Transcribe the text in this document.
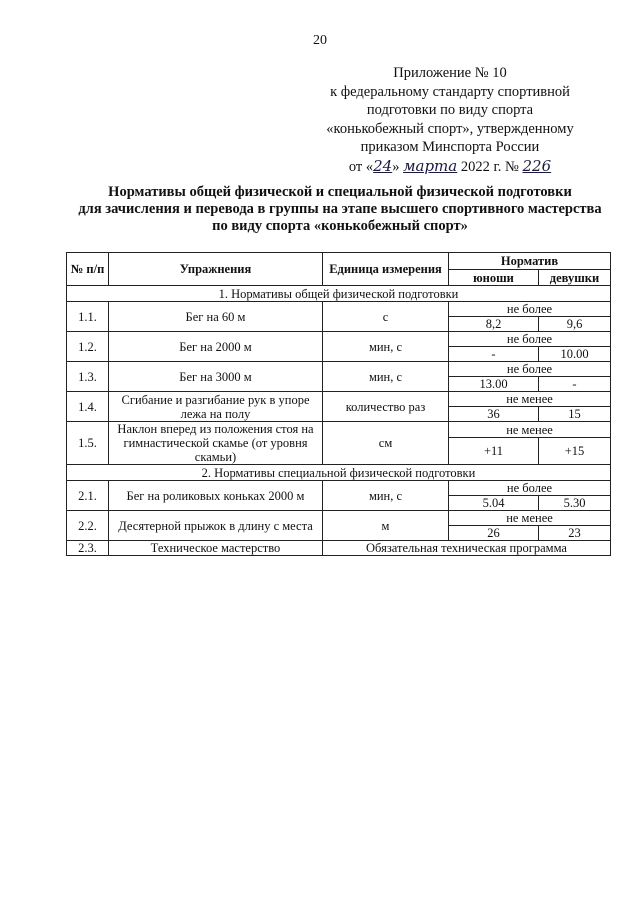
20
Приложение № 10
к федеральному стандарту спортивной
подготовки по виду спорта
«конькобежный спорт», утвержденному
приказом Минспорта России
от «24» марта 2022 г. № 226
Нормативы общей физической и специальной физической подготовки
для зачисления и перевода в группы на этапе высшего спортивного мастерства
по виду спорта «конькобежный спорт»
№ п/п	Упражнения	Единица измерения	Норматив	
			юноши	девушки
1. Нормативы общей физической подготовки				
1.1.	Бег на 60 м	с	не более	
			8,2	9,6
1.2.	Бег на 2000 м	мин, с	не более	
			-	10.00
1.3.	Бег на 3000 м	мин, с	не более	
			13.00	-
1.4.	Сгибание и разгибание рук в упоре лежа на полу	количество раз	не менее	
			36	15
1.5.	Наклон вперед из положения стоя на гимнастической скамье (от уровня скамьи)	см	не менее	
			+11	+15
2. Нормативы специальной физической подготовки				
2.1.	Бег на роликовых коньках 2000 м	мин, с	не более	
			5.04	5.30
2.2.	Десятерной прыжок в длину с места	м	не менее	
			26	23
2.3.	Техническое мастерство	Обязательная техническая программа		
